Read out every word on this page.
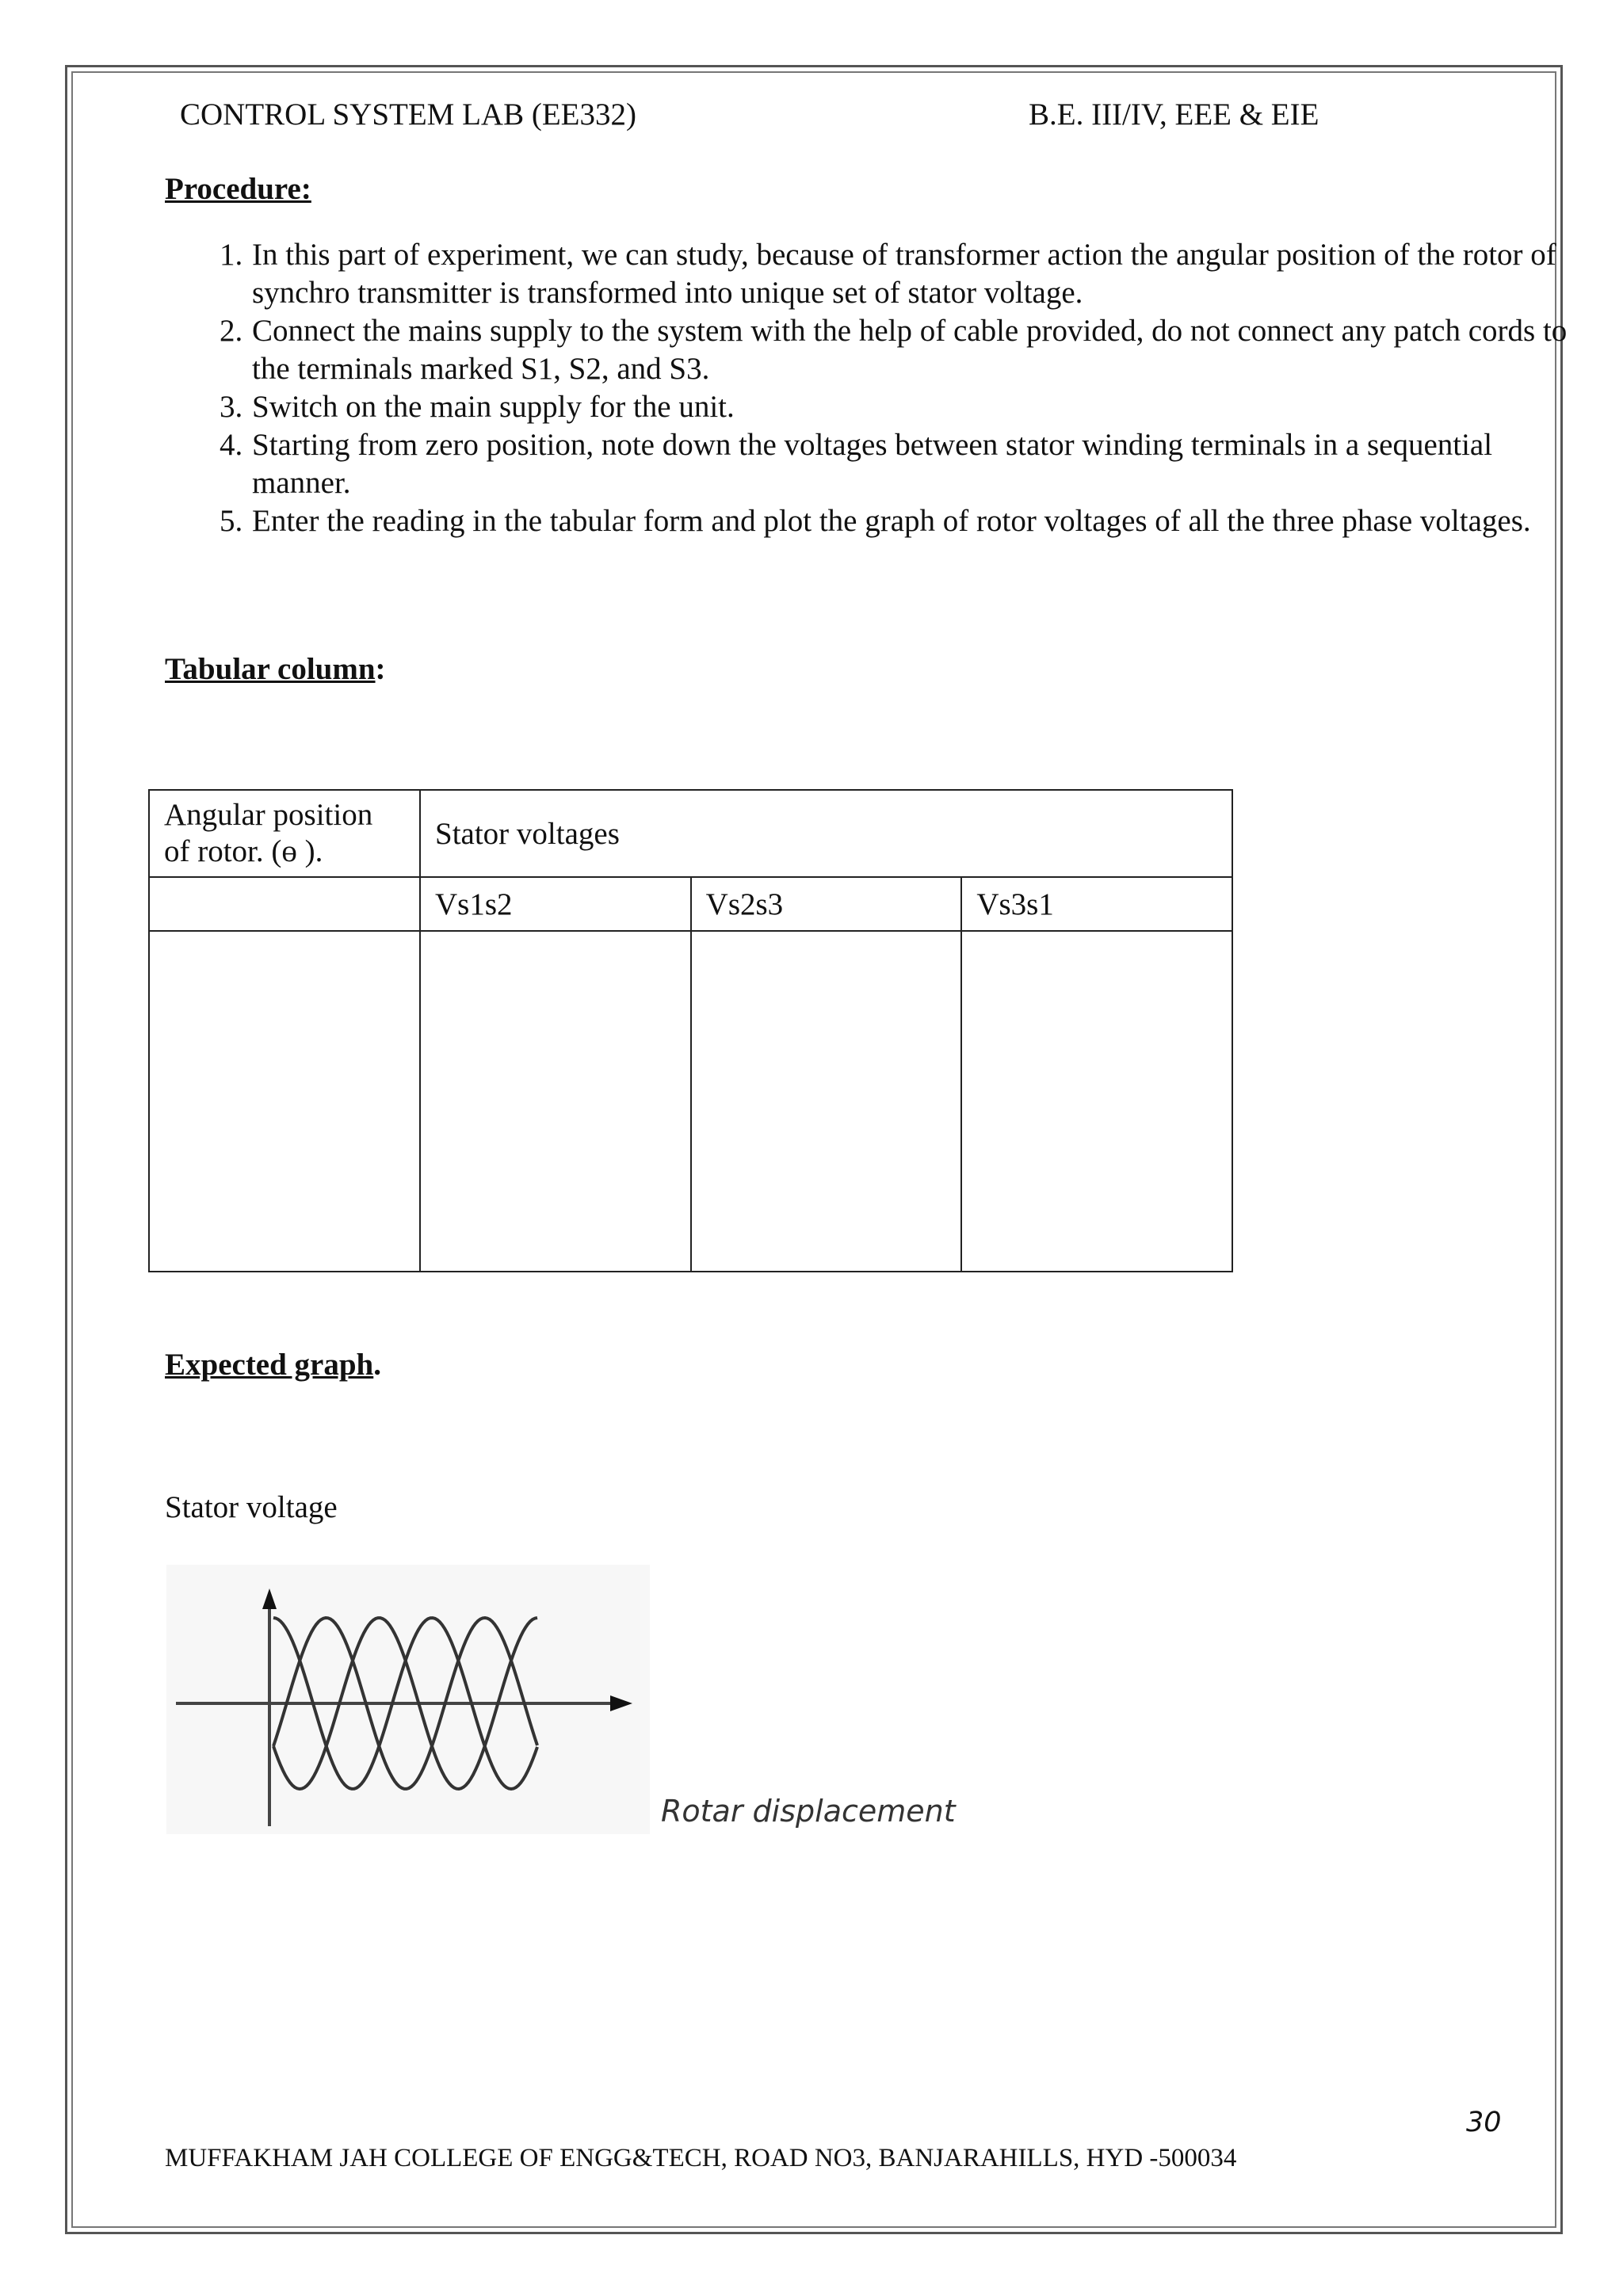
CONTROL SYSTEM LAB (EE332)	B.E. III/IV, EEE & EIE
Procedure:
1. In this part of experiment, we can study, because of transformer action the angular position of the rotor of synchro transmitter is transformed into unique set of stator voltage.
2. Connect the mains supply to the system with the help of cable provided, do not connect any patch cords to the terminals marked S1, S2, and S3.
3. Switch on the main supply for the unit.
4. Starting from zero position, note down the voltages between stator winding terminals in a sequential manner.
5. Enter the reading in the tabular form and plot the graph of rotor voltages of all the three phase voltages.
Tabular column:
Angular position of rotor. (ɵ ).	Stator voltages		
	Vs1s2	Vs2s3	Vs3s1

Expected graph.
Stator voltage
Rotar displacement
30
MUFFAKHAM JAH COLLEGE OF ENGG&TECH, ROAD NO3, BANJARAHILLS, HYD -500034
